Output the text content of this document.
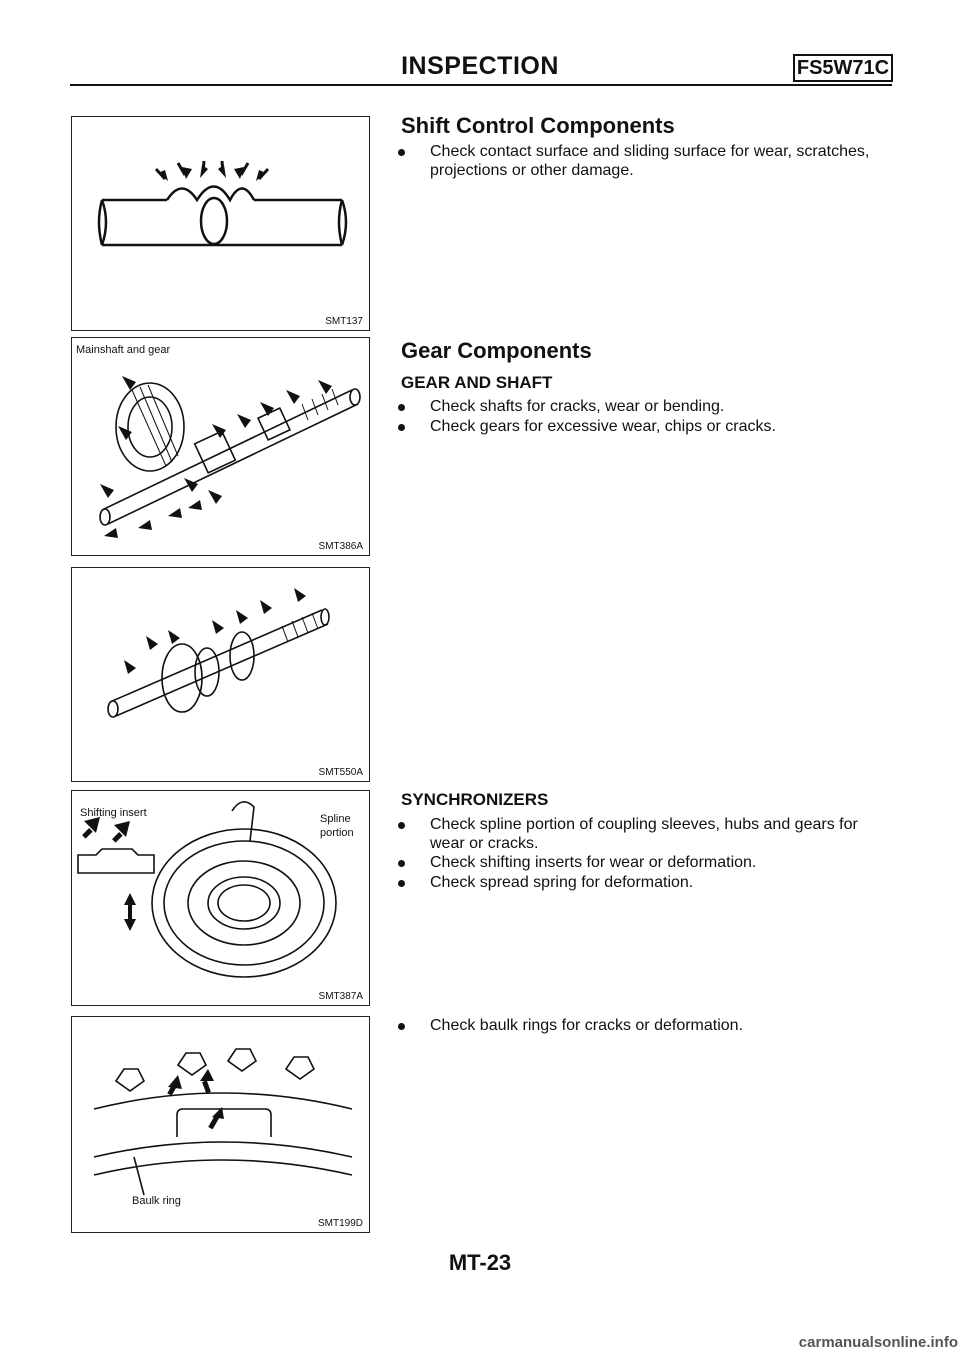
INSPECTION	FS5W71C
SMT137
Mainshaft and gear
SMT386A
SMT550A
Shifting insert	Spline
portion
SMT387A
Baulk ring
SMT199D
Shift Control Components
Check contact surface and sliding surface for wear, scratches, projections or other damage.
Gear Components
GEAR AND SHAFT
Check shafts for cracks, wear or bending.
Check gears for excessive wear, chips or cracks.
SYNCHRONIZERS
Check spline portion of coupling sleeves, hubs and gears for wear or cracks.
Check shifting inserts for wear or deformation.
Check spread spring for deformation.
Check baulk rings for cracks or deformation.
MT-23
carmanualsonline.info
